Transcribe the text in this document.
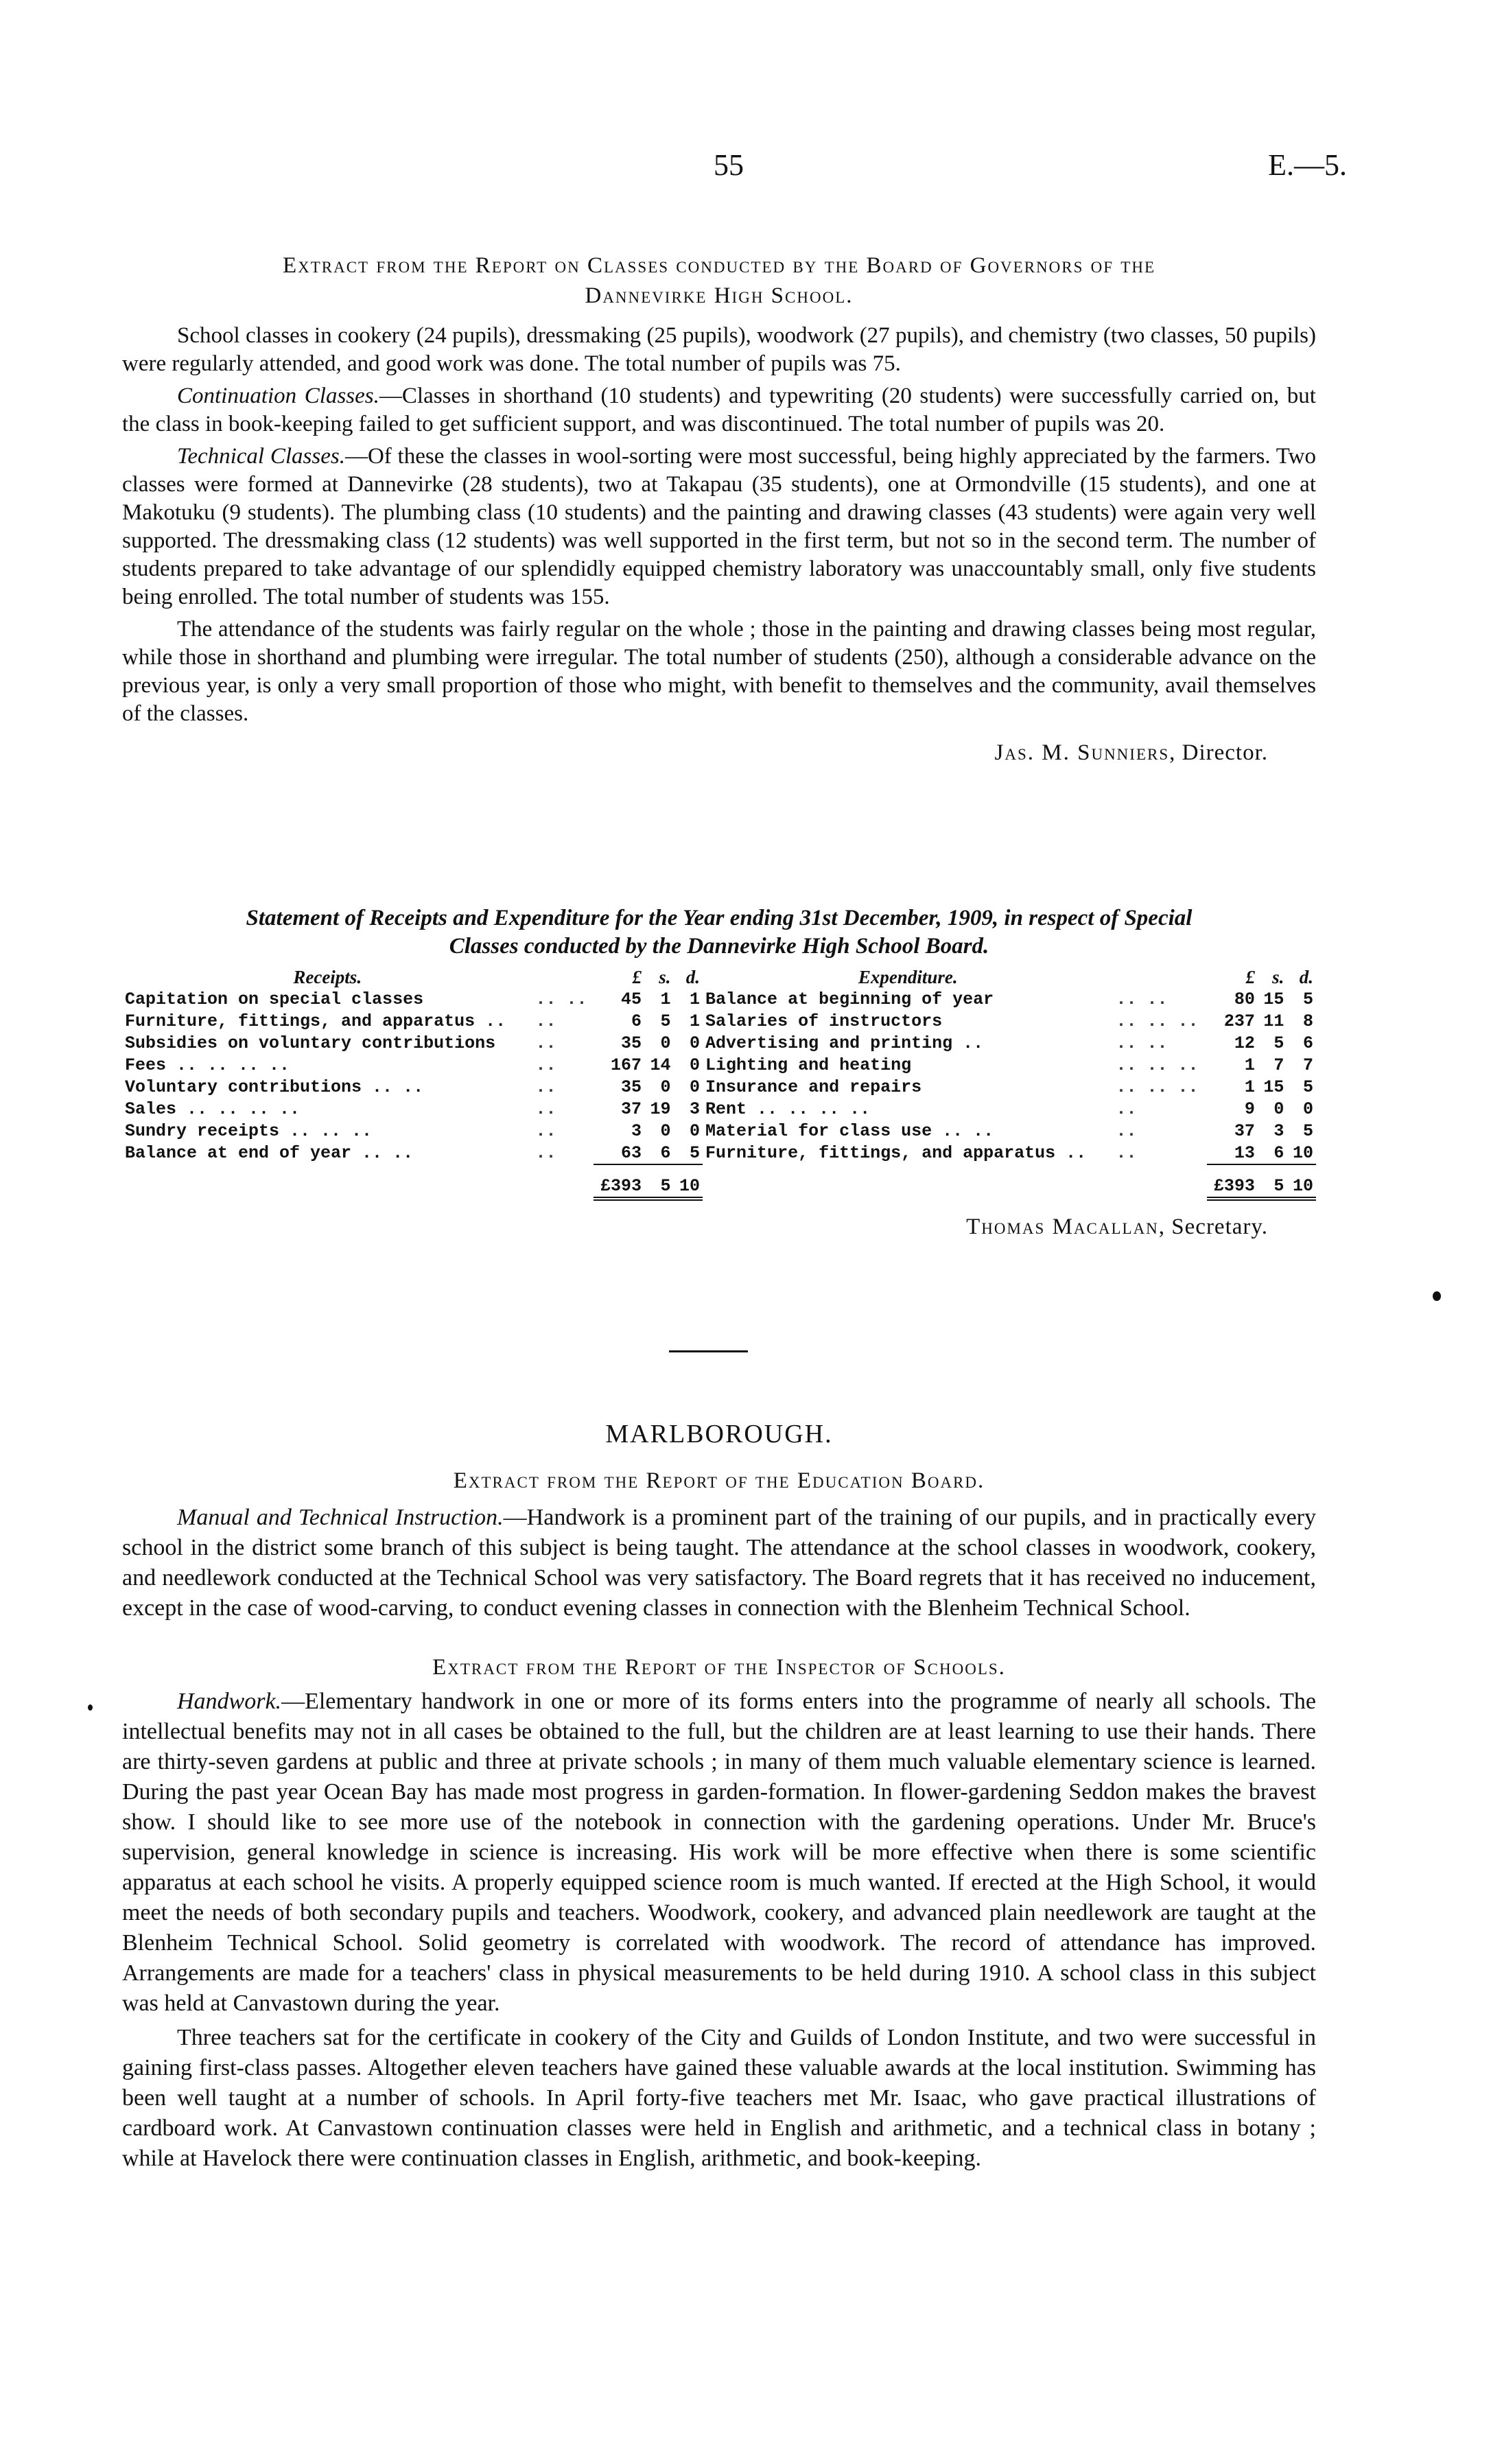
55	E.—5.
Extract from the Report on Classes conducted by the Board of Governors of the
Dannevirke High School.

School classes in cookery (24 pupils), dressmaking (25 pupils), woodwork (27 pupils), and chemistry (two classes, 50 pupils) were regularly attended, and good work was done. The total number of pupils was 75.

Continuation Classes.—Classes in shorthand (10 students) and typewriting (20 students) were successfully carried on, but the class in book-keeping failed to get sufficient support, and was discontinued. The total number of pupils was 20.

Technical Classes.—Of these the classes in wool-sorting were most successful, being highly appreciated by the farmers. Two classes were formed at Dannevirke (28 students), two at Takapau (35 students), one at Ormondville (15 students), and one at Makotuku (9 students). The plumbing class (10 students) and the painting and drawing classes (43 students) were again very well supported. The dressmaking class (12 students) was well supported in the first term, but not so in the second term. The number of students prepared to take advantage of our splendidly equipped chemistry laboratory was unaccountably small, only five students being enrolled. The total number of students was 155.

The attendance of the students was fairly regular on the whole ; those in the painting and drawing classes being most regular, while those in shorthand and plumbing were irregular. The total number of students (250), although a considerable advance on the previous year, is only a very small proportion of those who might, with benefit to themselves and the community, avail themselves of the classes.

Jas. M. Sunniers, Director.
Statement of Receipts and Expenditure for the Year ending 31st December, 1909, in respect of Special
Classes conducted by the Dannevirke High School Board.
Receipts.		£	s.	d.	Expenditure.		£	s.	d.
Capitation on special classes	.. ..	45	1	1	Balance at beginning of year	.. ..	80	15	5
Furniture, fittings, and apparatus ..	..	6	5	1	Salaries of instructors	.. .. ..	237	11	8
Subsidies on voluntary contributions	..	35	0	0	Advertising and printing ..	.. ..	12	5	6
Fees .. .. .. ..	..	167	14	0	Lighting and heating	.. .. ..	1	7	7
Voluntary contributions .. ..	..	35	0	0	Insurance and repairs	.. .. ..	1	15	5
Sales .. .. .. ..	..	37	19	3	Rent .. .. .. ..	..	9	0	0
Sundry receipts .. .. ..	..	3	0	0	Material for class use .. ..	..	37	3	5
Balance at end of year .. ..	..	63	6	5	Furniture, fittings, and apparatus ..	..	13	6	10
		£393	5	10			£393	5	10
Thomas Macallan, Secretary.
MARLBOROUGH.
Extract from the Report of the Education Board.

Manual and Technical Instruction.—Handwork is a prominent part of the training of our pupils, and in practically every school in the district some branch of this subject is being taught. The attendance at the school classes in woodwork, cookery, and needlework conducted at the Technical School was very satisfactory. The Board regrets that it has received no inducement, except in the case of wood-carving, to conduct evening classes in connection with the Blenheim Technical School.

Extract from the Report of the Inspector of Schools.

Handwork.—Elementary handwork in one or more of its forms enters into the programme of nearly all schools. The intellectual benefits may not in all cases be obtained to the full, but the children are at least learning to use their hands. There are thirty-seven gardens at public and three at private schools ; in many of them much valuable elementary science is learned. During the past year Ocean Bay has made most progress in garden-formation. In flower-gardening Seddon makes the bravest show. I should like to see more use of the notebook in connection with the gardening operations. Under Mr. Bruce's supervision, general knowledge in science is increasing. His work will be more effective when there is some scientific apparatus at each school he visits. A properly equipped science room is much wanted. If erected at the High School, it would meet the needs of both secondary pupils and teachers. Woodwork, cookery, and advanced plain needlework are taught at the Blenheim Technical School. Solid geometry is correlated with woodwork. The record of attendance has improved. Arrangements are made for a teachers' class in physical measurements to be held during 1910. A school class in this subject was held at Canvastown during the year.

Three teachers sat for the certificate in cookery of the City and Guilds of London Institute, and two were successful in gaining first-class passes. Altogether eleven teachers have gained these valuable awards at the local institution. Swimming has been well taught at a number of schools. In April forty-five teachers met Mr. Isaac, who gave practical illustrations of cardboard work. At Canvastown continuation classes were held in English and arithmetic, and a technical class in botany ; while at Havelock there were continuation classes in English, arithmetic, and book-keeping.
